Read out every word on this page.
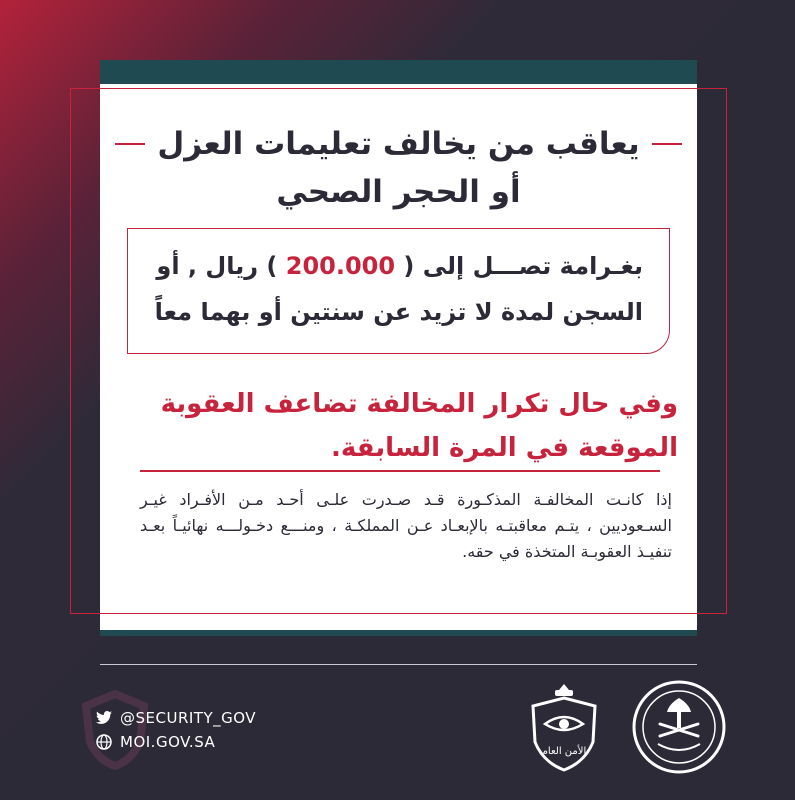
يعاقب من يخالف تعليمات العزل
أو الحجر الصحي
بغـرامة تصـــل إلى ( 200.000 ) ريال , أو
السجن لمدة لا تزيد عن سنتين أو بهما معاً
وفي حال تكرار المخالفة تضاعف العقوبة
الموقعة في المرة السابقة.
إذا كانـت المخالفـة المذكـورة قـد صـدرت علـى أحـد مـن الأفـراد غيـر السـعوديين ، يتـم معاقبتـه بالإبعـاد عـن المملكـة ، ومنـــع دخـولـــه نهائيـاً بعـد تنفيـذ العقوبـة المتخذة في حقه.
@SECURITY_GOV
MOI.GOV.SA
الأمن العام
